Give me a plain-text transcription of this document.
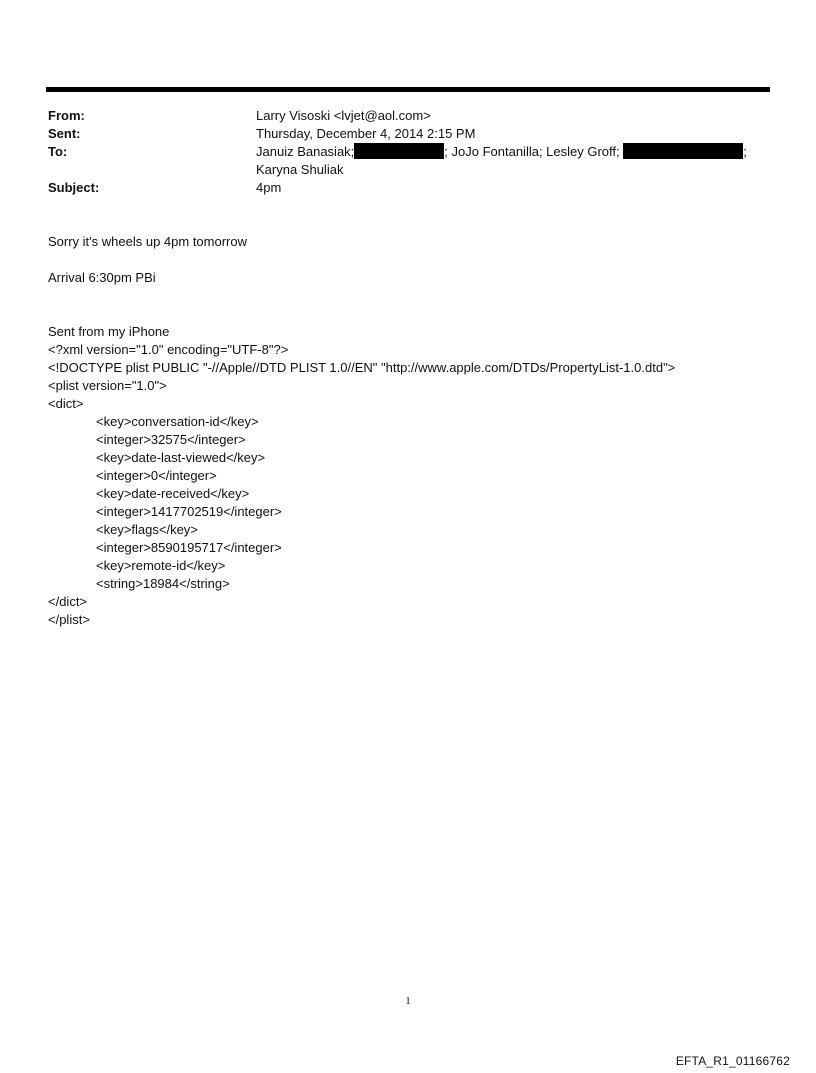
From:	Larry Visoski <lvjet@aol.com>
Sent:	Thursday, December 4, 2014 2:15 PM
To:	Januiz Banasiak;	; JoJo Fontanilla; Lesley Groff;	;
Karyna Shuliak
Subject:	4pm
Sorry it's wheels up 4pm tomorrow
Arrival 6:30pm PBi
Sent from my iPhone
<?xml version="1.0" encoding="UTF-8"?>
<!DOCTYPE plist PUBLIC "-//Apple//DTD PLIST 1.0//EN" "http://www.apple.com/DTDs/PropertyList-1.0.dtd">
<plist version="1.0">
<dict>
<key>conversation-id</key>
<integer>32575</integer>
<key>date-last-viewed</key>
<integer>0</integer>
<key>date-received</key>
<integer>1417702519</integer>
<key>flags</key>
<integer>8590195717</integer>
<key>remote-id</key>
<string>18984</string>
</dict>
</plist>
1
EFTA_R1_01166762
